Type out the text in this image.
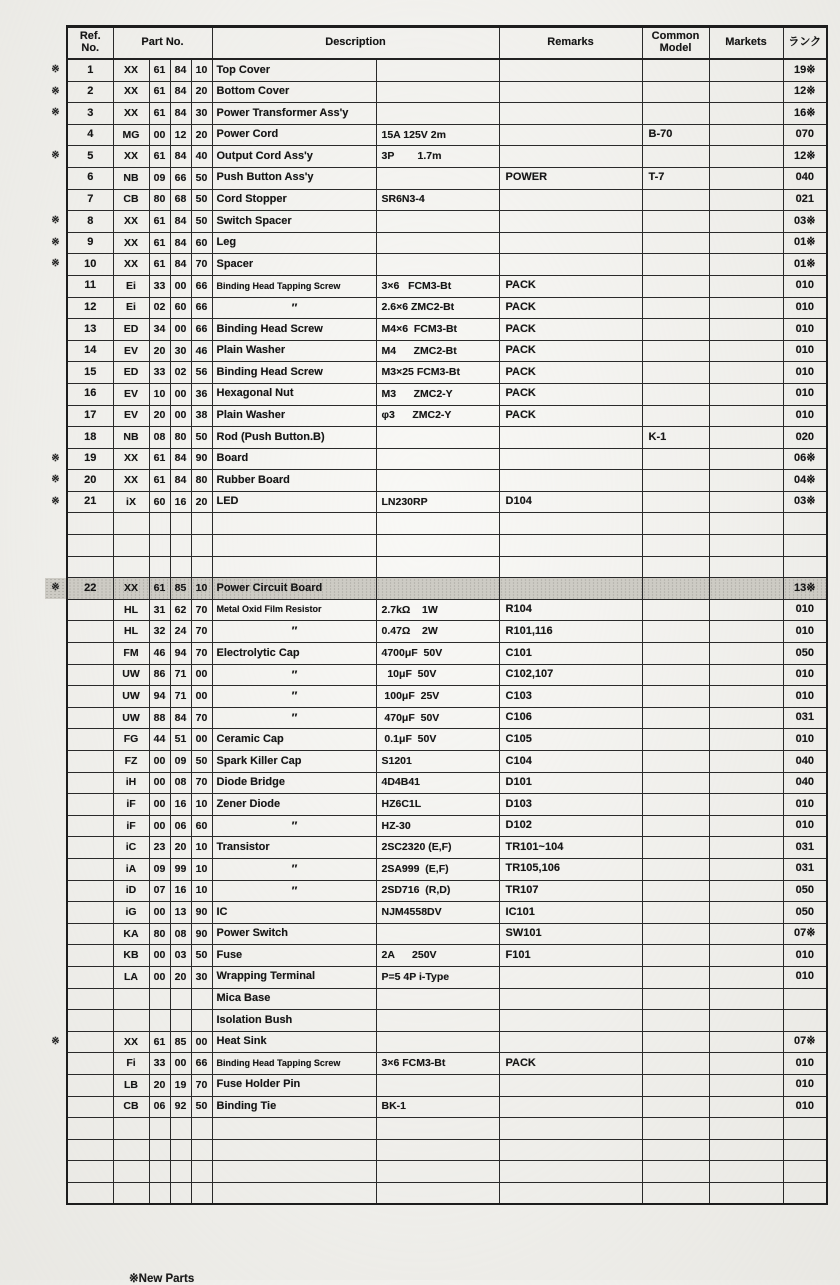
	Ref.
No.	Part No.				Description		Remarks	Common
Model	Markets	ランク
※	1	XX	61	84	10	Top Cover					19※
※	2	XX	61	84	20	Bottom Cover					12※
※	3	XX	61	84	30	Power Transformer Ass'y					16※
	4	MG	00	12	20	Power Cord	15A 125V 2m		B-70		070
※	5	XX	61	84	40	Output Cord Ass'y	3P        1.7m				12※
	6	NB	09	66	50	Push Button Ass'y		POWER	T-7		040
	7	CB	80	68	50	Cord Stopper	SR6N3-4				021
※	8	XX	61	84	50	Switch Spacer					03※
※	9	XX	61	84	60	Leg					01※
※	10	XX	61	84	70	Spacer					01※
	11	Ei	33	00	66	Binding Head Tapping Screw	3×6   FCM3-Bt	PACK			010
	12	Ei	02	60	66	″	2.6×6 ZMC2-Bt	PACK			010
	13	ED	34	00	66	Binding Head Screw	M4×6  FCM3-Bt	PACK			010
	14	EV	20	30	46	Plain Washer	M4      ZMC2-Bt	PACK			010
	15	ED	33	02	56	Binding Head Screw	M3×25 FCM3-Bt	PACK			010
	16	EV	10	00	36	Hexagonal Nut	M3      ZMC2-Y	PACK			010
	17	EV	20	00	38	Plain Washer	φ3      ZMC2-Y	PACK			010
	18	NB	08	80	50	Rod (Push Button.B)			K-1		020
※	19	XX	61	84	90	Board					06※
※	20	XX	61	84	80	Rubber Board					04※
※	21	iX	60	16	20	LED	LN230RP	D104			03※

※	22	XX	61	85	10	Power Circuit Board					13※
		HL	31	62	70	Metal Oxid Film Resistor	2.7kΩ    1W	R104			010
		HL	32	24	70	″	0.47Ω    2W	R101,116			010
		FM	46	94	70	Electrolytic Cap	4700μF  50V	C101			050
		UW	86	71	00	″	10μF  50V	C102,107			010
		UW	94	71	00	″	100μF  25V	C103			010
		UW	88	84	70	″	470μF  50V	C106			031
		FG	44	51	00	Ceramic Cap	0.1μF  50V	C105			010
		FZ	00	09	50	Spark Killer Cap	S1201	C104			040
		iH	00	08	70	Diode Bridge	4D4B41	D101			040
		iF	00	16	10	Zener Diode	HZ6C1L	D103			010
		iF	00	06	60	″	HZ-30	D102			010
		iC	23	20	10	Transistor	2SC2320 (E,F)	TR101~104			031
		iA	09	99	10	″	2SA999  (E,F)	TR105,106			031
		iD	07	16	10	″	2SD716  (R,D)	TR107			050
		iG	00	13	90	IC	NJM4558DV	IC101			050
		KA	80	08	90	Power Switch		SW101			07※
		KB	00	03	50	Fuse	2A      250V	F101			010
		LA	00	20	30	Wrapping Terminal	P=5 4P i-Type				010
						Mica Base					
						Isolation Bush					
※		XX	61	85	00	Heat Sink					07※
		Fi	33	00	66	Binding Head Tapping Screw	3×6 FCM3-Bt	PACK			010
		LB	20	19	70	Fuse Holder Pin					010
		CB	06	92	50	Binding Tie	BK-1				010

※New Parts
